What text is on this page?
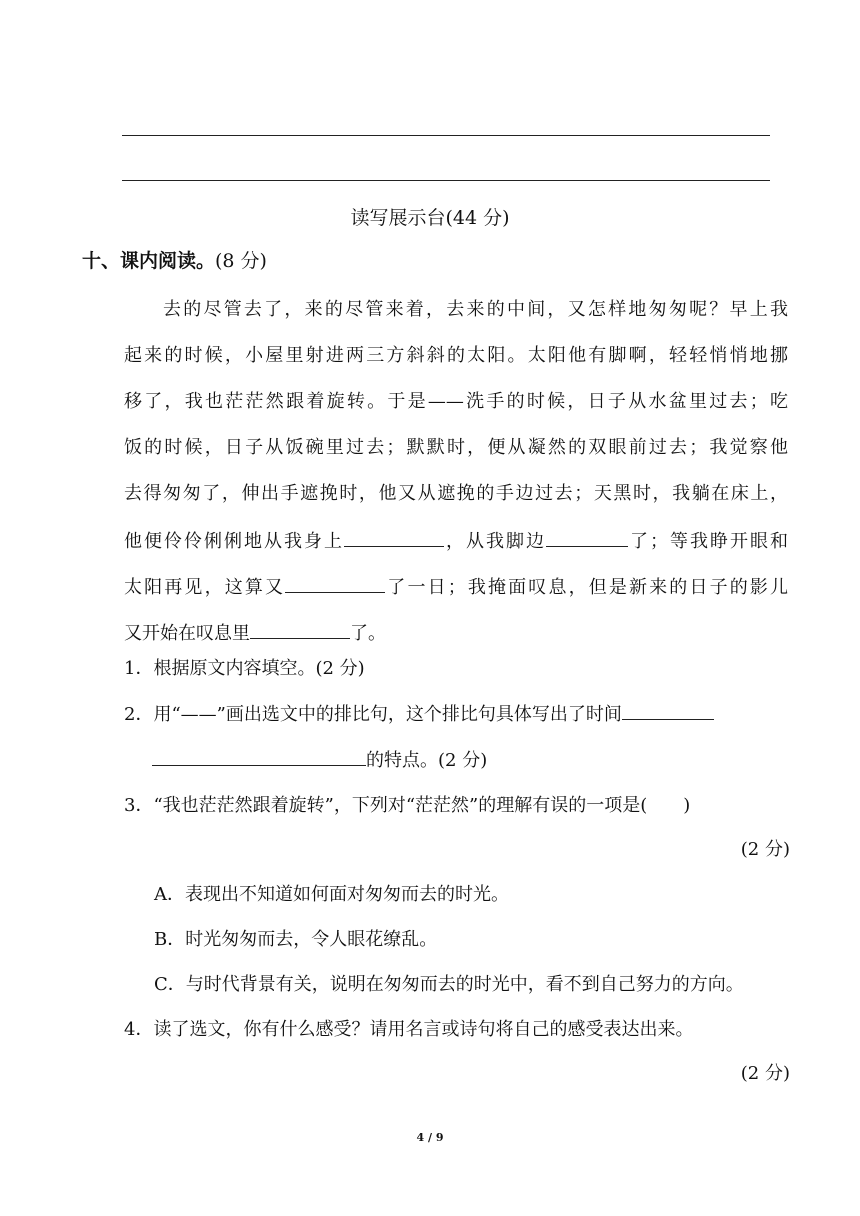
读写展示台(44 分)
十、课内阅读。(8 分)
去的尽管去了，来的尽管来着，去来的中间，又怎样地匆匆呢？早上我
起来的时候，小屋里射进两三方斜斜的太阳。太阳他有脚啊，轻轻悄悄地挪
移了，我也茫茫然跟着旋转。于是——洗手的时候，日子从水盆里过去；吃
饭的时候，日子从饭碗里过去；默默时，便从凝然的双眼前过去；我觉察他
去得匆匆了，伸出手遮挽时，他又从遮挽的手边过去；天黑时，我躺在床上，
他便伶伶俐俐地从我身上	，从我脚边	了；等我睁开眼和
太阳再见，这算又	了一日；我掩面叹息，但是新来的日子的影儿
又开始在叹息里	了。
1．根据原文内容填空。(2 分)
2．用“——”画出选文中的排比句，这个排比句具体写出了时间
的特点。(2 分)
3．“我也茫茫然跟着旋转”，下列对“茫茫然”的理解有误的一项是( )
(2 分)
A．表现出不知道如何面对匆匆而去的时光。
B．时光匆匆而去，令人眼花缭乱。
C．与时代背景有关，说明在匆匆而去的时光中，看不到自己努力的方向。
4．读了选文，你有什么感受？请用名言或诗句将自己的感受表达出来。
(2 分)
4 / 9
